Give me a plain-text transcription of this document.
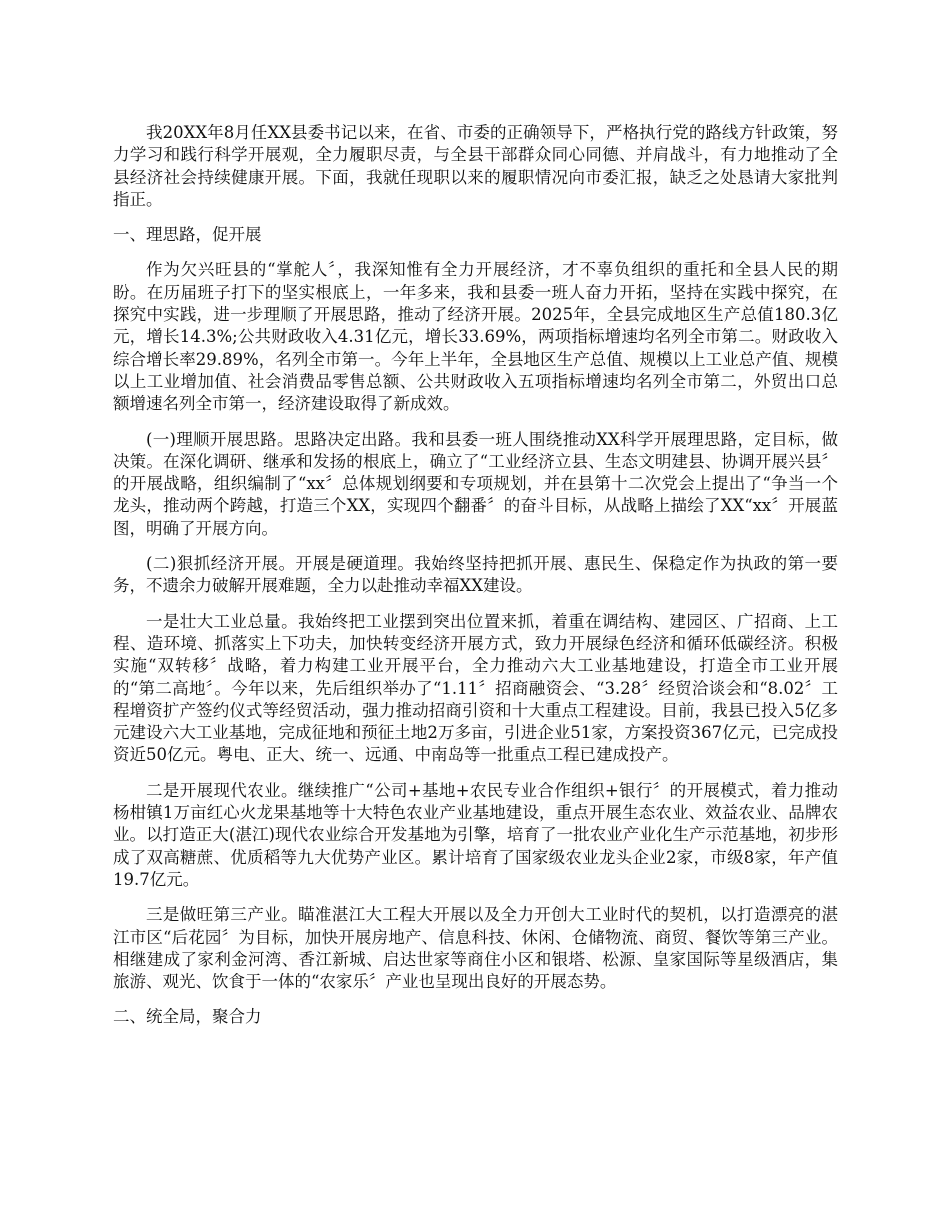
我20XX年8月任XX县委书记以来，在省、市委的正确领导下，严格执行党的路线方针政策，努力学习和践行科学开展观，全力履职尽责，与全县干部群众同心同德、并肩战斗，有力地推动了全县经济社会持续健康开展。下面，我就任现职以来的履职情况向市委汇报，缺乏之处恳请大家批判指正。

一、理思路，促开展

作为欠兴旺县的“掌舵人〞，我深知惟有全力开展经济，才不辜负组织的重托和全县人民的期盼。在历届班子打下的坚实根底上，一年多来，我和县委一班人奋力开拓，坚持在实践中探究，在探究中实践，进一步理顺了开展思路，推动了经济开展。2025年，全县完成地区生产总值180.3亿元，增长14.3%;公共财政收入4.31亿元，增长33.69%，两项指标增速均名列全市第二。财政收入综合增长率29.89%，名列全市第一。今年上半年，全县地区生产总值、规模以上工业总产值、规模以上工业增加值、社会消费品零售总额、公共财政收入五项指标增速均名列全市第二，外贸出口总额增速名列全市第一，经济建设取得了新成效。

(一)理顺开展思路。思路决定出路。我和县委一班人围绕推动XX科学开展理思路，定目标，做决策。在深化调研、继承和发扬的根底上，确立了“工业经济立县、生态文明建县、协调开展兴县〞的开展战略，组织编制了“xx〞总体规划纲要和专项规划，并在县第十二次党会上提出了“争当一个龙头，推动两个跨越，打造三个XX，实现四个翻番〞的奋斗目标，从战略上描绘了XX“xx〞开展蓝图，明确了开展方向。

(二)狠抓经济开展。开展是硬道理。我始终坚持把抓开展、惠民生、保稳定作为执政的第一要务，不遗余力破解开展难题，全力以赴推动幸福XX建设。

一是壮大工业总量。我始终把工业摆到突出位置来抓，着重在调结构、建园区、广招商、上工程、造环境、抓落实上下功夫，加快转变经济开展方式，致力开展绿色经济和循环低碳经济。积极实施“双转移〞战略，着力构建工业开展平台，全力推动六大工业基地建设，打造全市工业开展的“第二高地〞。今年以来，先后组织举办了“1.11〞招商融资会、“3.28〞经贸洽谈会和“8.02〞工程增资扩产签约仪式等经贸活动，强力推动招商引资和十大重点工程建设。目前，我县已投入5亿多元建设六大工业基地，完成征地和预征土地2万多亩，引进企业51家，方案投资367亿元，已完成投资近50亿元。粤电、正大、统一、远通、中南岛等一批重点工程已建成投产。

二是开展现代农业。继续推广“公司+基地+农民专业合作组织+银行〞的开展模式，着力推动杨柑镇1万亩红心火龙果基地等十大特色农业产业基地建设，重点开展生态农业、效益农业、品牌农业。以打造正大(湛江)现代农业综合开发基地为引擎，培育了一批农业产业化生产示范基地，初步形成了双高糖蔗、优质稻等九大优势产业区。累计培育了国家级农业龙头企业2家，市级8家，年产值19.7亿元。

三是做旺第三产业。瞄准湛江大工程大开展以及全力开创大工业时代的契机，以打造漂亮的湛江市区“后花园〞为目标，加快开展房地产、信息科技、休闲、仓储物流、商贸、餐饮等第三产业。相继建成了家利金河湾、香江新城、启达世家等商住小区和银塔、松源、皇家国际等星级酒店，集旅游、观光、饮食于一体的“农家乐〞产业也呈现出良好的开展态势。

二、统全局，聚合力
